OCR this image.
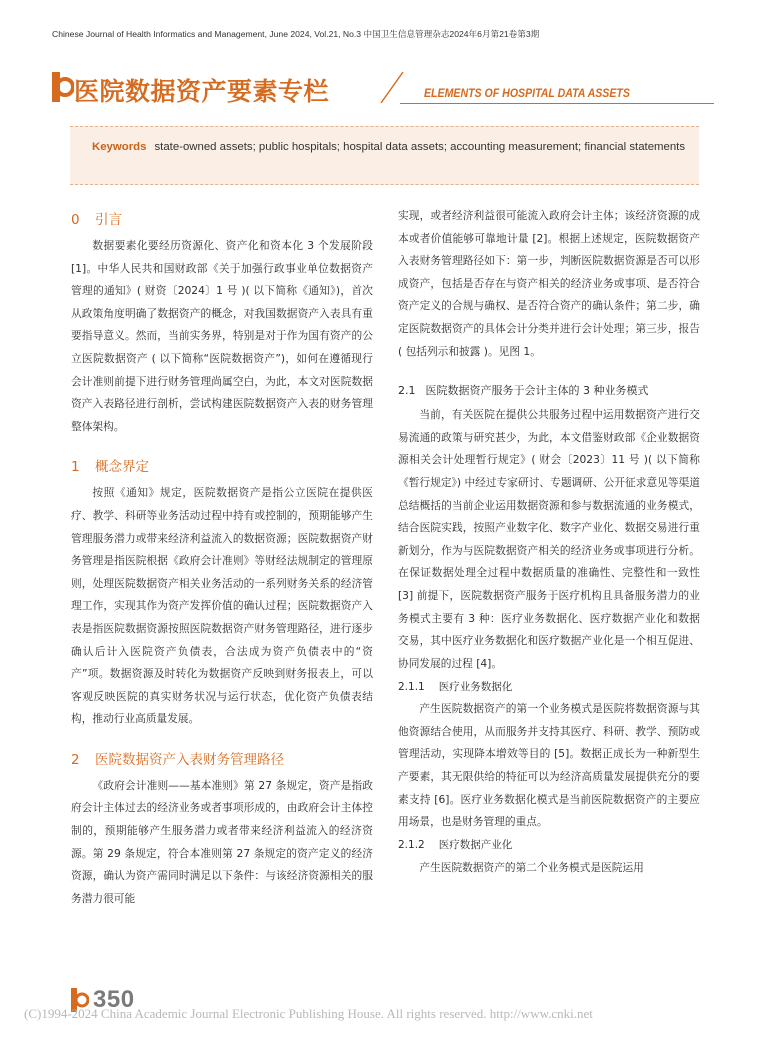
Chinese Journal of Health Informatics and Management, June 2024, Vol.21, No.3 中国卫生信息管理杂志2024年6月第21卷第3期
医院数据资产要素专栏	ELEMENTS OF HOSPITAL DATA ASSETS
Keywords state-owned assets; public hospitals; hospital data assets; accounting measurement; financial statements
0	引言

数据要素化要经历资源化、资产化和资本化 3 个发展阶段 [1]。中华人民共和国财政部《关于加强行政事业单位数据资产管理的通知》( 财资〔2024〕1 号 )( 以下简称《通知》)，首次从政策角度明确了数据资产的概念，对我国数据资产入表具有重要指导意义。然而，当前实务界，特别是对于作为国有资产的公立医院数据资产 ( 以下简称“医院数据资产”)，如何在遵循现行会计准则前提下进行财务管理尚属空白，为此，本文对医院数据资产入表路径进行剖析，尝试构建医院数据资产入表的财务管理整体架构。

1	概念界定

按照《通知》规定，医院数据资产是指公立医院在提供医疗、教学、科研等业务活动过程中持有或控制的，预期能够产生管理服务潜力或带来经济利益流入的数据资源；医院数据资产财务管理是指医院根据《政府会计准则》等财经法规制定的管理原则，处理医院数据资产相关业务活动的一系列财务关系的经济管理工作，实现其作为资产发挥价值的确认过程；医院数据资产入表是指医院数据资源按照医院数据资产财务管理路径，进行逐步确认后计入医院资产负债表，合法成为资产负债表中的“资产”项。数据资源及时转化为数据资产反映到财务报表上，可以客观反映医院的真实财务状况与运行状态，优化资产负债表结构，推动行业高质量发展。

2	医院数据资产入表财务管理路径

《政府会计准则——基本准则》第 27 条规定，资产是指政府会计主体过去的经济业务或者事项形成的，由政府会计主体控制的，预期能够产生服务潜力或者带来经济利益流入的经济资源。第 29 条规定，符合本准则第 27 条规定的资产定义的经济资源，确认为资产需同时满足以下条件：与该经济资源相关的服务潜力很可能

实现，或者经济利益很可能流入政府会计主体；该经济资源的成本或者价值能够可靠地计量 [2]。根据上述规定，医院数据资产入表财务管理路径如下：第一步，判断医院数据资源是否可以形成资产，包括是否存在与资产相关的经济业务或事项、是否符合资产定义的合规与确权、是否符合资产的确认条件；第二步，确定医院数据资产的具体会计分类并进行会计处理；第三步，报告 ( 包括列示和披露 )。见图 1。

2.1 医院数据资产服务于会计主体的 3 种业务模式

当前，有关医院在提供公共服务过程中运用数据资产进行交易流通的政策与研究甚少，为此，本文借鉴财政部《企业数据资源相关会计处理暂行规定》( 财会〔2023〕11 号 )( 以下简称《暂行规定》) 中经过专家研讨、专题调研、公开征求意见等渠道总结概括的当前企业运用数据资源和参与数据流通的业务模式，结合医院实践，按照产业数字化、数字产业化、数据交易进行重新划分，作为与医院数据资产相关的经济业务或事项进行分析。在保证数据处理全过程中数据质量的准确性、完整性和一致性 [3] 前提下，医院数据资产服务于医疗机构且具备服务潜力的业务模式主要有 3 种：医疗业务数据化、医疗数据产业化和数据交易，其中医疗业务数据化和医疗数据产业化是一个相互促进、协同发展的过程 [4]。

2.1.1 医疗业务数据化

产生医院数据资产的第一个业务模式是医院将数据资源与其他资源结合使用，从而服务并支持其医疗、科研、教学、预防或管理活动，实现降本增效等目的 [5]。数据正成长为一种新型生产要素，其无限供给的特征可以为经济高质量发展提供充分的要素支持 [6]。医疗业务数据化模式是当前医院数据资产的主要应用场景，也是财务管理的重点。

2.1.2 医疗数据产业化

产生医院数据资产的第二个业务模式是医院运用

350
(C)1994-2024 China Academic Journal Electronic Publishing House. All rights reserved. http://www.cnki.net
